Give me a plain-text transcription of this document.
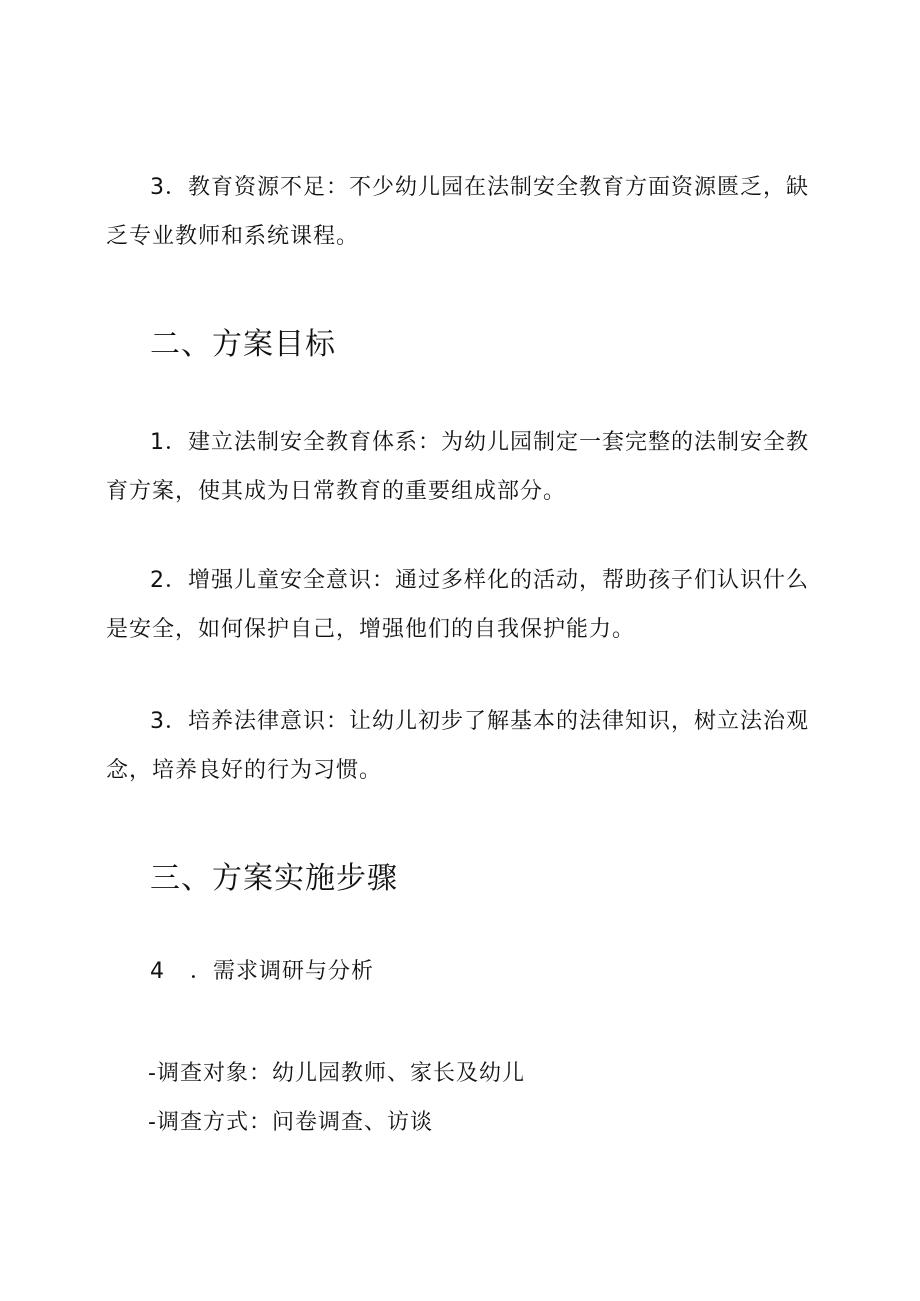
3．教育资源不足：不少幼儿园在法制安全教育方面资源匮乏，缺乏专业教师和系统课程。

二、方案目标

1．建立法制安全教育体系：为幼儿园制定一套完整的法制安全教育方案，使其成为日常教育的重要组成部分。

2．增强儿童安全意识：通过多样化的活动，帮助孩子们认识什么是安全，如何保护自己，增强他们的自我保护能力。

3．培养法律意识：让幼儿初步了解基本的法律知识，树立法治观念，培养良好的行为习惯。

三、方案实施步骤
4 ．需求调研与分析
-调查对象：幼儿园教师、家长及幼儿
-调查方式：问卷调查、访谈
